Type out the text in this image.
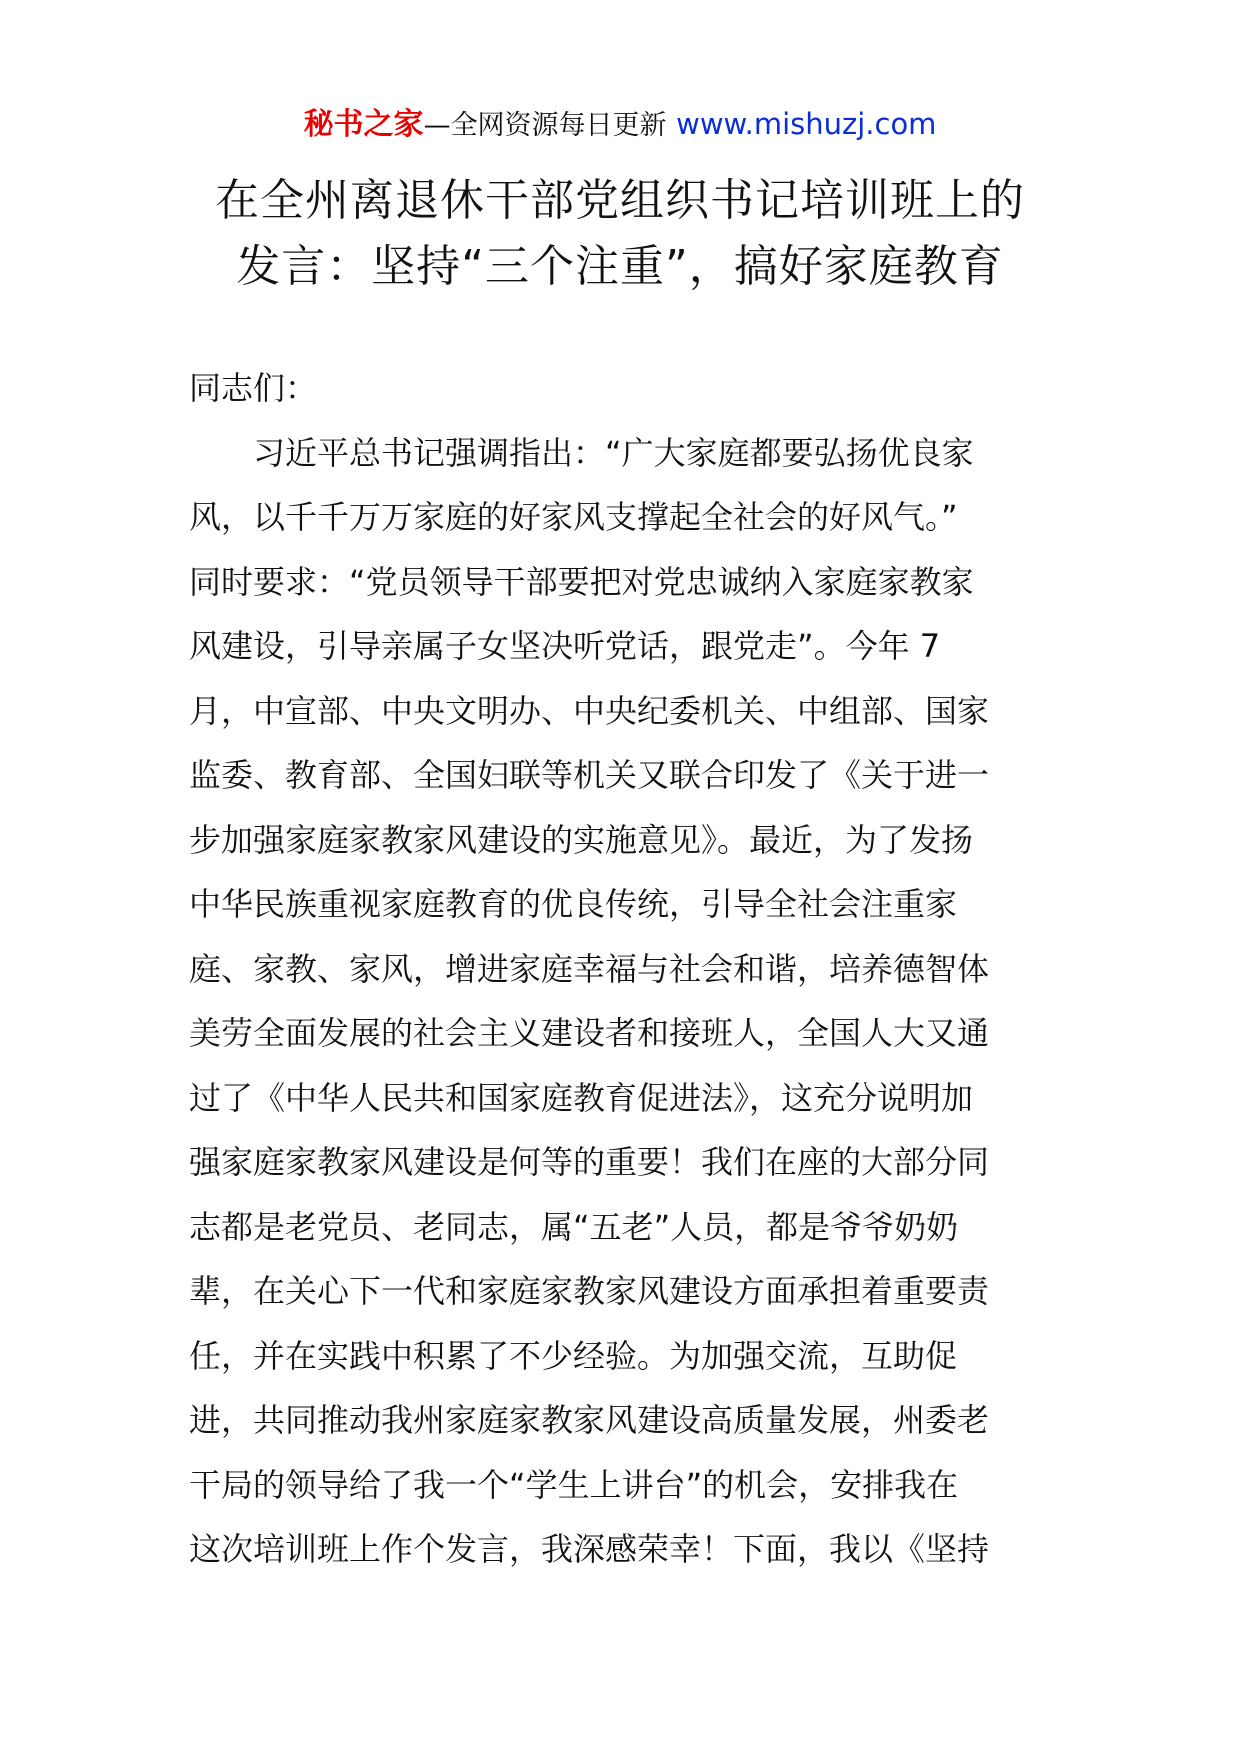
秘书之家—全网资源每日更新 www.mishuzj.com
在全州离退休干部党组织书记培训班上的
发言：坚持“三个注重”，搞好家庭教育
同志们：
习近平总书记强调指出：“广大家庭都要弘扬优良家
风，以千千万万家庭的好家风支撑起全社会的好风气。”
同时要求：“党员领导干部要把对党忠诚纳入家庭家教家
风建设，引导亲属子女坚决听党话，跟党走”。今年 7
月，中宣部、中央文明办、中央纪委机关、中组部、国家
监委、教育部、全国妇联等机关又联合印发了《关于进一
步加强家庭家教家风建设的实施意见》。最近，为了发扬
中华民族重视家庭教育的优良传统，引导全社会注重家
庭、家教、家风，增进家庭幸福与社会和谐，培养德智体
美劳全面发展的社会主义建设者和接班人，全国人大又通
过了《中华人民共和国家庭教育促进法》，这充分说明加
强家庭家教家风建设是何等的重要！我们在座的大部分同
志都是老党员、老同志，属“五老”人员，都是爷爷奶奶
辈，在关心下一代和家庭家教家风建设方面承担着重要责
任，并在实践中积累了不少经验。为加强交流，互助促
进，共同推动我州家庭家教家风建设高质量发展，州委老
干局的领导给了我一个“学生上讲台”的机会，安排我在
这次培训班上作个发言，我深感荣幸！下面，我以《坚持
